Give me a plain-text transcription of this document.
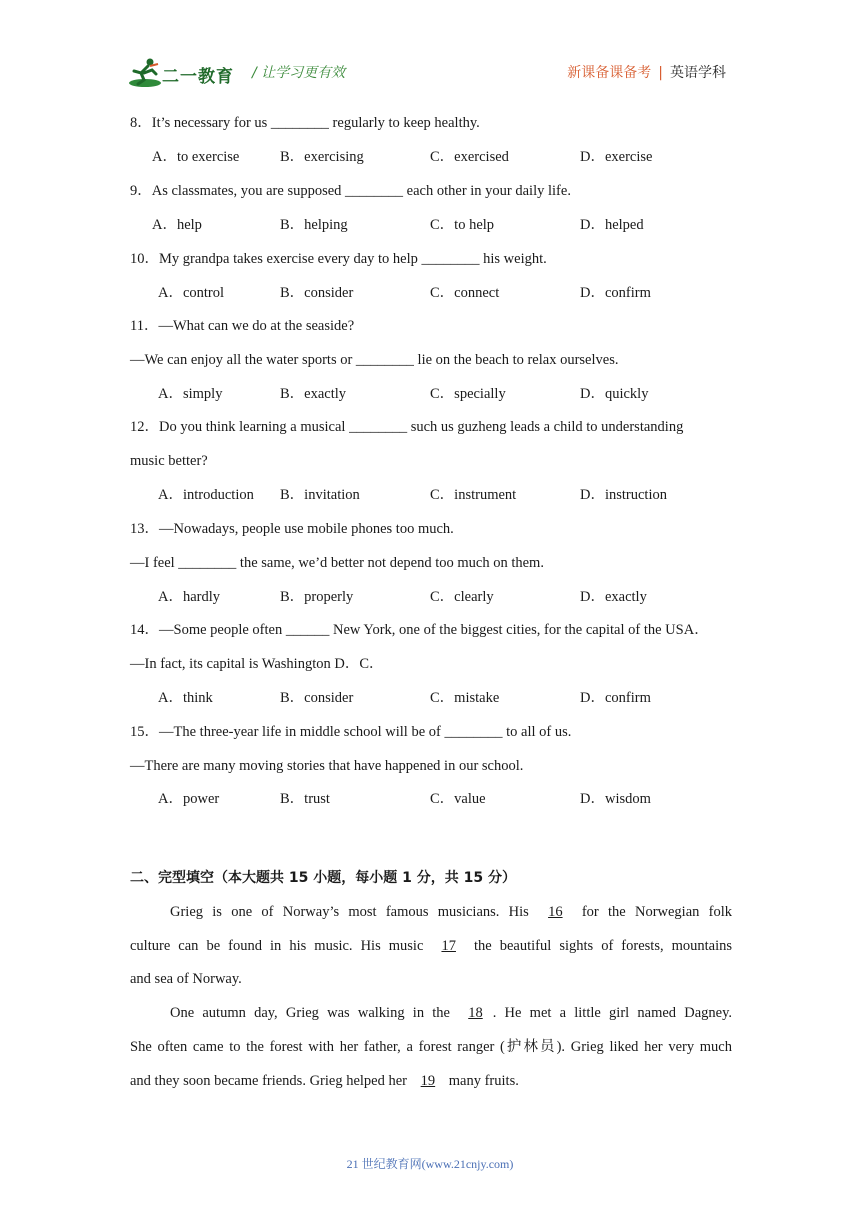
二一教育 / 让学习更有效	新课备课备考 | 英语学科
8．It’s necessary for us ________ regularly to keep healthy.
A．to exercise	B．exercising	C．exercised	D．exercise
9．As classmates, you are supposed ________ each other in your daily life.
A．help	B．helping	C．to help	D．helped
10．My grandpa takes exercise every day to help ________ his weight.
A．control	B．consider	C．connect	D．confirm
11．—What can we do at the seaside?
—We can enjoy all the water sports or ________ lie on the beach to relax ourselves.
A．simply	B．exactly	C．specially	D．quickly
12．Do you think learning a musical ________ such us guzheng leads a child to understanding
music better?
A．introduction B．invitation	C．instrument	D．instruction
13．—Nowadays, people use mobile phones too much.
—I feel ________ the same, we’d better not depend too much on them.
A．hardly	B．properly	C．clearly	D．exactly
14．—Some people often ______ New York, one of the biggest cities, for the capital of the USA．
—In fact, its capital is Washington D．C．
A．think	B．consider	C．mistake	D．confirm
15．—The three-year life in middle school will be of ________ to all of us.
—There are many moving stories that have happened in our school.
A．power	B．trust	C．value	D．wisdom
二、完型填空（本大题共 15 小题，每小题 1 分，共 15 分）
Grieg is one of Norway’s most famous musicians. His 16 for the Norwegian folk
culture can be found in his music. His music 17 the beautiful sights of forests, mountains
and sea of Norway.
One autumn day, Grieg was walking in the 18 . He met a little girl named Dagney.
She often came to the forest with her father, a forest ranger (护林员). Grieg liked her very much
and they soon became friends. Grieg helped her 19 many fruits.
21 世纪教育网(www.21cnjy.com)
